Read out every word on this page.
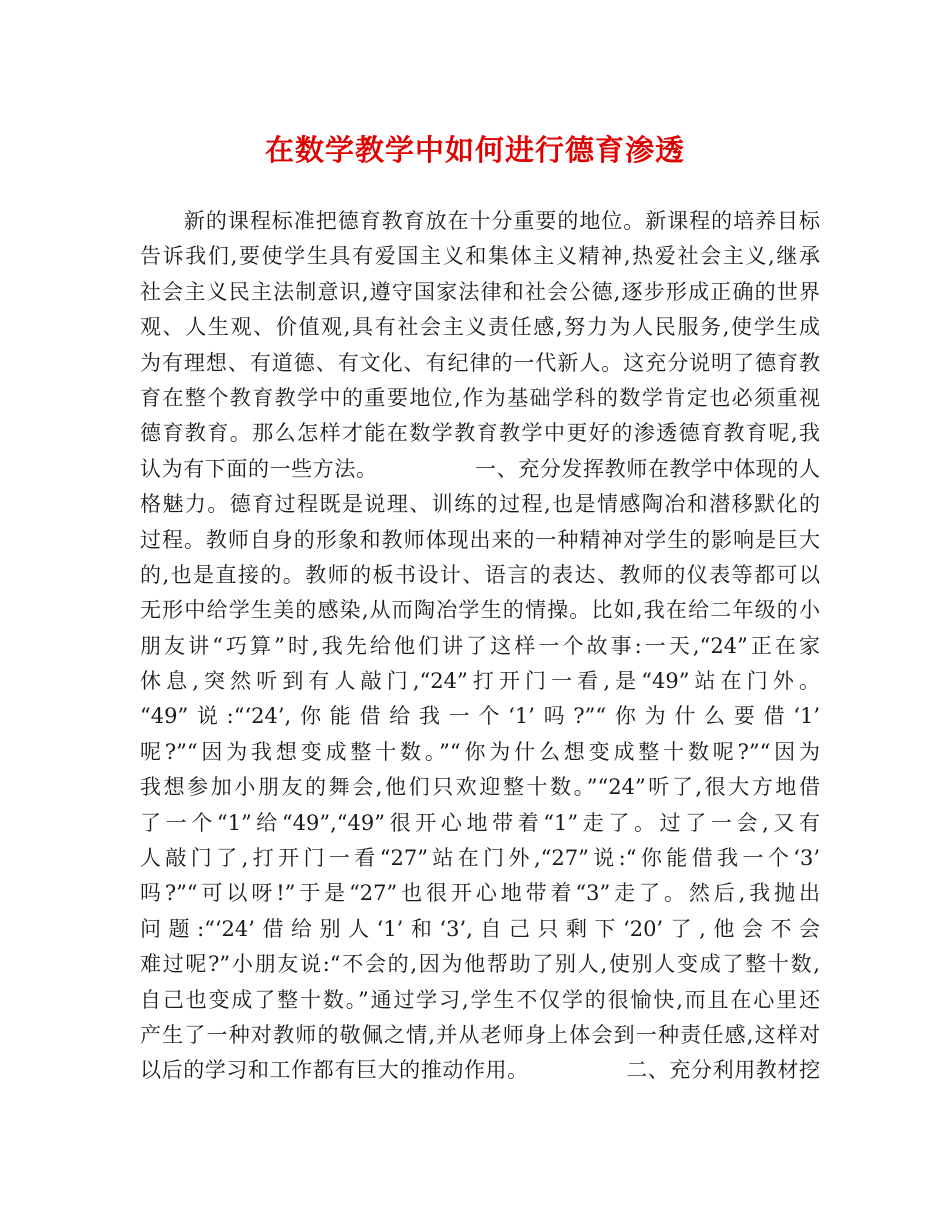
在数学教学中如何进行德育渗透
　　新的课程标准把德育教育放在十分重要的地位。新课程的培养目标
告诉我们,要使学生具有爱国主义和集体主义精神,热爱社会主义,继承
社会主义民主法制意识,遵守国家法律和社会公德,逐步形成正确的世界
观、人生观、价值观,具有社会主义责任感,努力为人民服务,使学生成
为有理想、有道德、有文化、有纪律的一代新人。这充分说明了德育教
育在整个教育教学中的重要地位,作为基础学科的数学肯定也必须重视
德育教育。那么怎样才能在数学教育教学中更好的渗透德育教育呢,我
认为有下面的一些方法。　　　　　一、充分发挥教师在教学中体现的人
格魅力。德育过程既是说理、训练的过程,也是情感陶冶和潜移默化的
过程。教师自身的形象和教师体现出来的一种精神对学生的影响是巨大
的,也是直接的。教师的板书设计、语言的表达、教师的仪表等都可以
无形中给学生美的感染,从而陶冶学生的情操。比如,我在给二年级的小
朋友讲“巧算”时,我先给他们讲了这样一个故事:一天,“24”正在家
休息,突然听到有人敲门,“24”打开门一看,是“49”站在门外。
“49”说:“‘24’,你能借给我一个‘1’吗?”“你为什么要借‘1’
呢?”“因为我想变成整十数。”“你为什么想变成整十数呢?”“因为
我想参加小朋友的舞会,他们只欢迎整十数。”“24”听了,很大方地借
了一个“1”给“49”,“49”很开心地带着“1”走了。过了一会,又有
人敲门了,打开门一看“27”站在门外,“27”说:“你能借我一个‘3’
吗?”“可以呀!”于是“27”也很开心地带着“3”走了。然后,我抛出
问题:“‘24’借给别人‘1’和‘3’,自己只剩下‘20’了,他会不会
难过呢?”小朋友说:“不会的,因为他帮助了别人,使别人变成了整十数,
自己也变成了整十数。”通过学习,学生不仅学的很愉快,而且在心里还
产生了一种对教师的敬佩之情,并从老师身上体会到一种责任感,这样对
以后的学习和工作都有巨大的推动作用。　　　　　二、充分利用教材挖
